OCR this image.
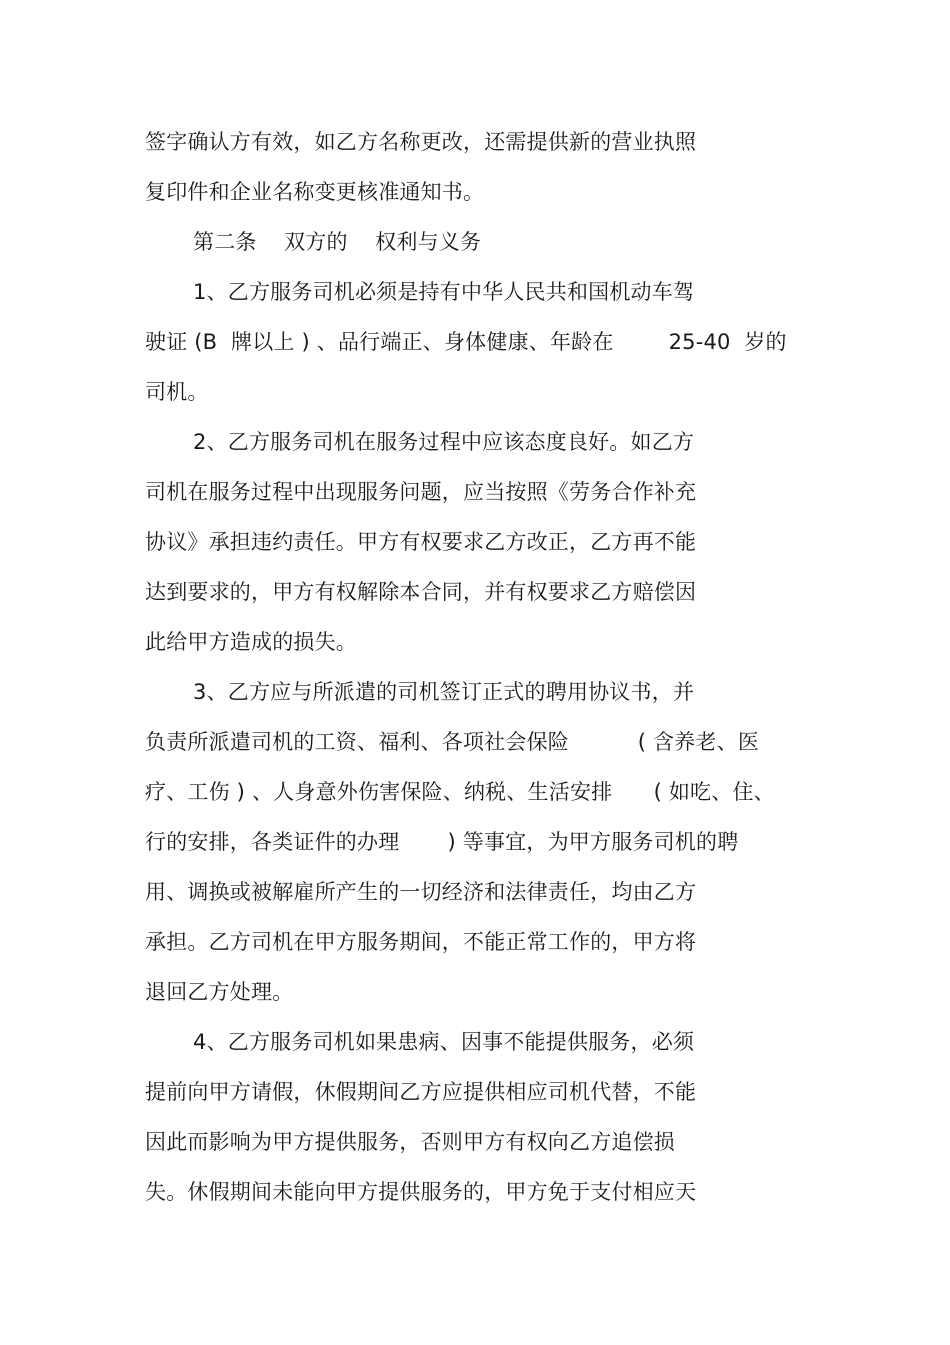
签字确认方有效，如乙方名称更改，还需提供新的营业执照
复印件和企业名称变更核准通知书。
第二条    双方的    权利与义务
1、乙方服务司机必须是持有中华人民共和国机动车驾
驶证 (B  牌以上 ) 、品行端正、身体健康、年龄在        25-40  岁的
司机。
2、乙方服务司机在服务过程中应该态度良好。如乙方
司机在服务过程中出现服务问题，应当按照《劳务合作补充
协议》承担违约责任。甲方有权要求乙方改正，乙方再不能
达到要求的，甲方有权解除本合同，并有权要求乙方赔偿因
此给甲方造成的损失。
3、乙方应与所派遣的司机签订正式的聘用协议书，并
负责所派遣司机的工资、福利、各项社会保险          ( 含养老、医
疗、工伤 ) 、人身意外伤害保险、纳税、生活安排      ( 如吃、住、
行的安排，各类证件的办理       ) 等事宜，为甲方服务司机的聘
用、调换或被解雇所产生的一切经济和法律责任，均由乙方
承担。乙方司机在甲方服务期间，不能正常工作的，甲方将
退回乙方处理。
4、乙方服务司机如果患病、因事不能提供服务，必须
提前向甲方请假，休假期间乙方应提供相应司机代替，不能
因此而影响为甲方提供服务，否则甲方有权向乙方追偿损
失。休假期间未能向甲方提供服务的，甲方免于支付相应天
